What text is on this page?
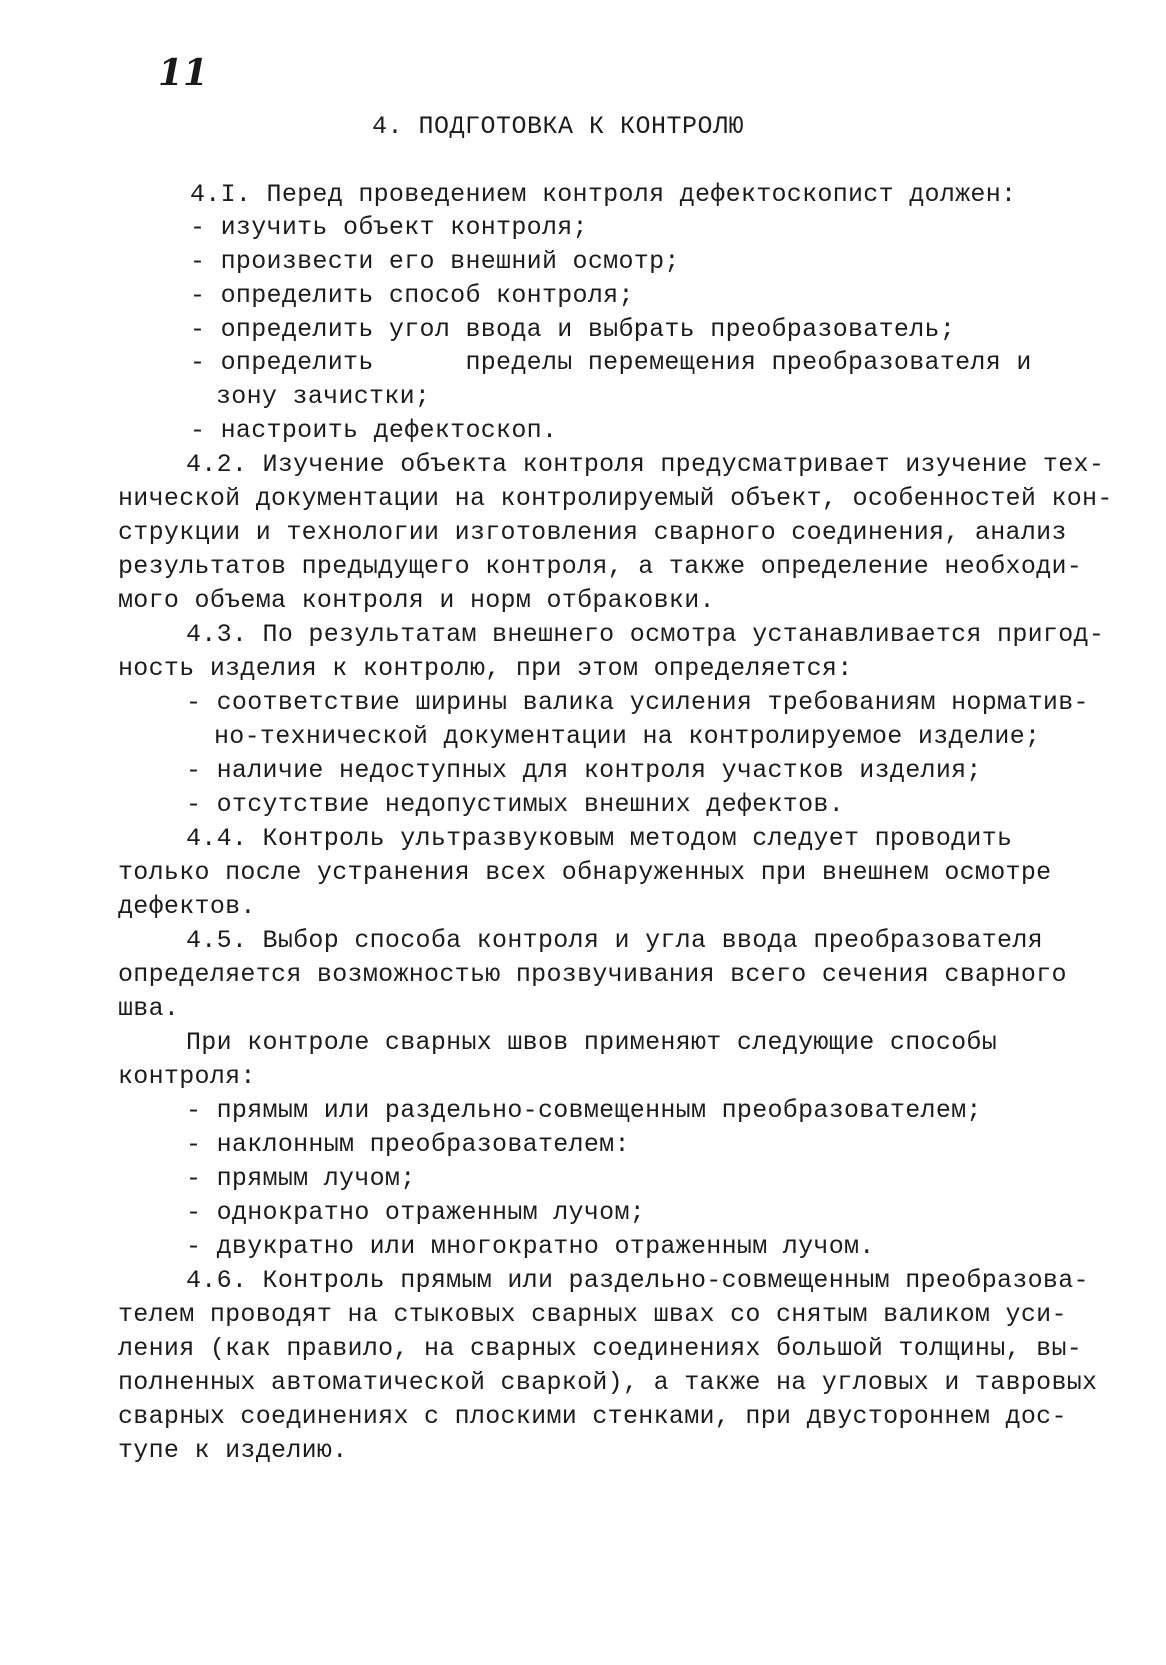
11
4. ПОДГОТОВКА К КОНТРОЛЮ
4.I. Перед проведением контроля дефектоскопист должен:
- изучить объект контроля;
- произвести его внешний осмотр;
- определить способ контроля;
- определить угол ввода и выбрать преобразователь;
- определить      пределы перемещения преобразователя и
зону зачистки;
- настроить дефектоскоп.
4.2. Изучение объекта контроля предусматривает изучение тех-
нической документации на контролируемый объект, особенностей кон-
струкции и технологии изготовления сварного соединения, анализ
результатов предыдущего контроля, а также определение необходи-
мого объема контроля и норм отбраковки.
4.3. По результатам внешнего осмотра устанавливается пригод-
ность изделия к контролю, при этом определяется:
- соответствие ширины валика усиления требованиям норматив-
но-технической документации на контролируемое изделие;
- наличие недоступных для контроля участков изделия;
- отсутствие недопустимых внешних дефектов.
4.4. Контроль ультразвуковым методом следует проводить
только после устранения всех обнаруженных при внешнем осмотре
дефектов.
4.5. Выбор способа контроля и угла ввода преобразователя
определяется возможностью прозвучивания всего сечения сварного
шва.
При контроле сварных швов применяют следующие способы
контроля:
- прямым или раздельно-совмещенным преобразователем;
- наклонным преобразователем:
- прямым лучом;
- однократно отраженным лучом;
- двукратно или многократно отраженным лучом.
4.6. Контроль прямым или раздельно-совмещенным преобразова-
телем проводят на стыковых сварных швах со снятым валиком уси-
ления (как правило, на сварных соединениях большой толщины, вы-
полненных автоматической сваркой), а также на угловых и тавровых
сварных соединениях с плоскими стенками, при двустороннем дос-
тупе к изделию.
